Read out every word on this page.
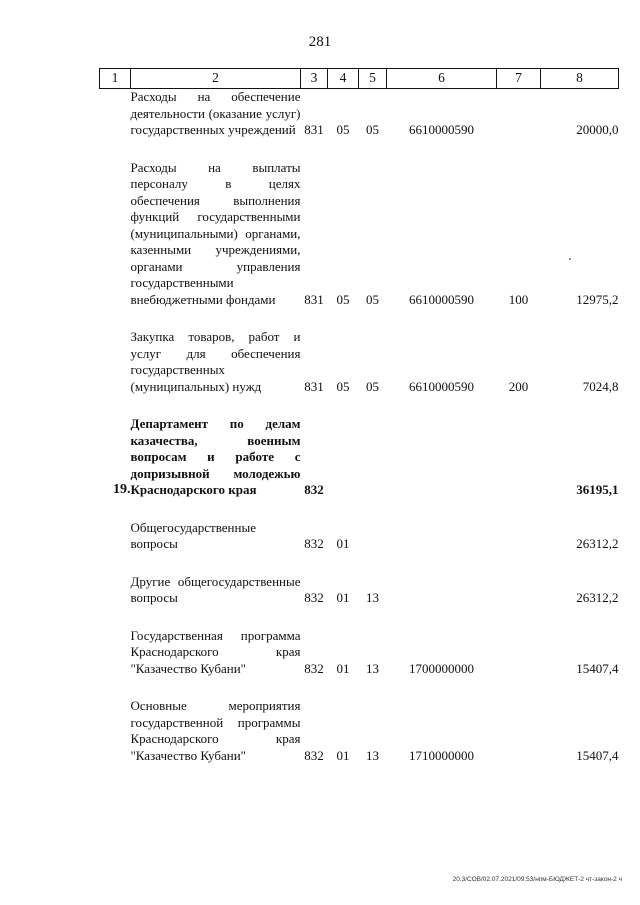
281
1	2	3	4	5	6	7	8
	Расходы на обеспечение деятельности (оказание услуг) государственных учреждений	831	05	05	6610000590		20000,0

	Расходы на выплаты персоналу в целях обеспечения выполнения функций государственными (муниципальными) органами, казенными учреждениями, органами управления государственными внебюджетными фондами	831	05	05	6610000590	100	12975,2

	Закупка товаров, работ и услуг для обеспечения государственных (муниципальных) нужд	831	05	05	6610000590	200	7024,8

19.	Департамент по делам казачества, военным вопросам и работе с допризывной молодежью Краснодарского края	832					36195,1

	Общегосударственные вопросы	832	01				26312,2

	Другие общегосударственные вопросы	832	01	13			26312,2

	Государственная программа Краснодарского края "Казачество Кубани"	832	01	13	1700000000		15407,4

	Основные мероприятия государственной программы Краснодарского края "Казачество Кубани"	832	01	13	1710000000		15407,4
20.3/СОВ/02.07.2021/09:53/нпм-БЮДЖЕТ-2 чт-закон-2 ч
